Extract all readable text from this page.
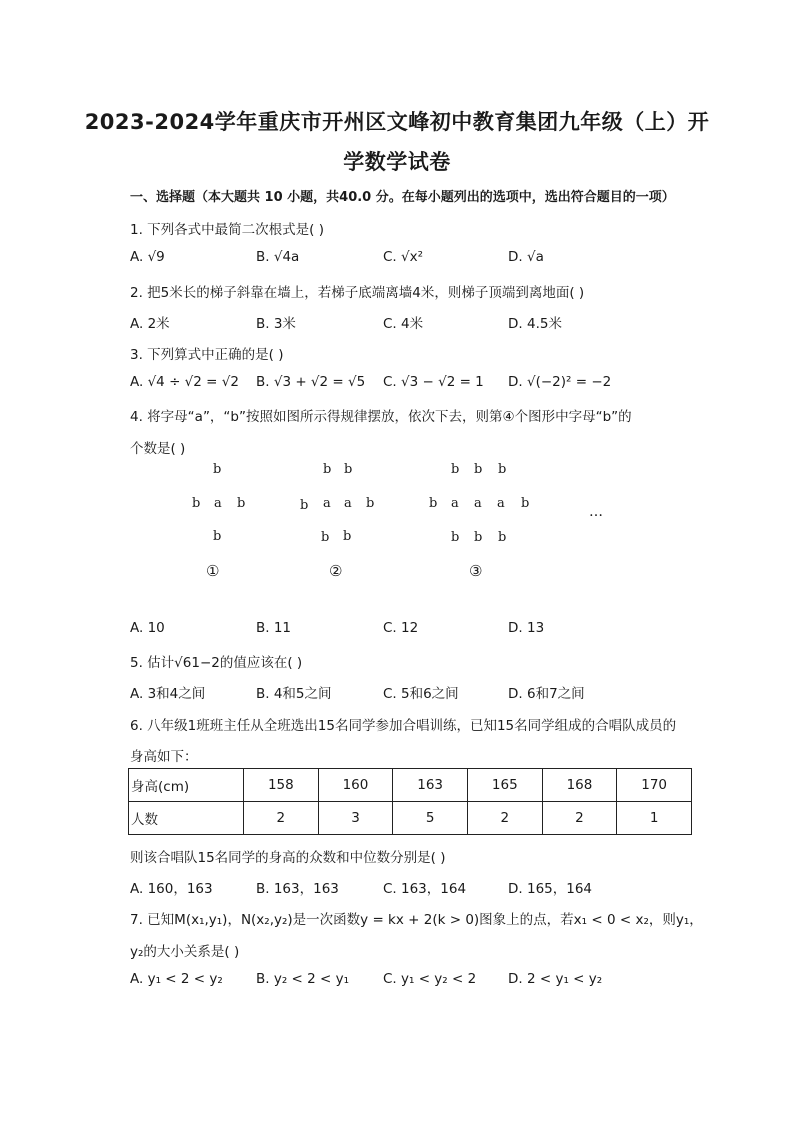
2023-2024学年重庆市开州区文峰初中教育集团九年级（上）开
学数学试卷
一、选择题（本大题共 10 小题，共40.0 分。在每小题列出的选项中，选出符合题目的一项）
1. 下列各式中最简二次根式是( )
A. √9	B. √4a	C. √x²	D. √a
2. 把5米长的梯子斜靠在墙上，若梯子底端离墙4米，则梯子顶端到离地面( )
A. 2米	B. 3米	C. 4米	D. 4.5米
3. 下列算式中正确的是( )
A. √4 ÷ √2 = √2 B. √3 + √2 = √5 C. √3 − √2 = 1 D. √(−2)² = −2
4. 将字母“a”，“b”按照如图所示得规律摆放，依次下去，则第④个图形中字母“b”的
个数是( )
b
b a b
b
①
b b
b a a b
b b
②
b b b
b a a a b
b b b
③
…
A. 10	B. 11	C. 12	D. 13
5. 估计√61−2的值应该在( )
A. 3和4之间	B. 4和5之间	C. 5和6之间	D. 6和7之间
6. 八年级1班班主任从全班选出15名同学参加合唱训练，已知15名同学组成的合唱队成员的
身高如下：
身高(cm)	158	160	163	165	168	170
人数	2	3	5	2	2	1
则该合唱队15名同学的身高的众数和中位数分别是( )
A. 160，163	B. 163，163	C. 163，164	D. 165，164
7. 已知M(x₁,y₁)，N(x₂,y₂)是一次函数y = kx + 2(k > 0)图象上的点，若x₁ < 0 < x₂，则y₁，
y₂的大小关系是( )
A. y₁ < 2 < y₂ B. y₂ < 2 < y₁	C. y₁ < y₂ < 2 D. 2 < y₁ < y₂
